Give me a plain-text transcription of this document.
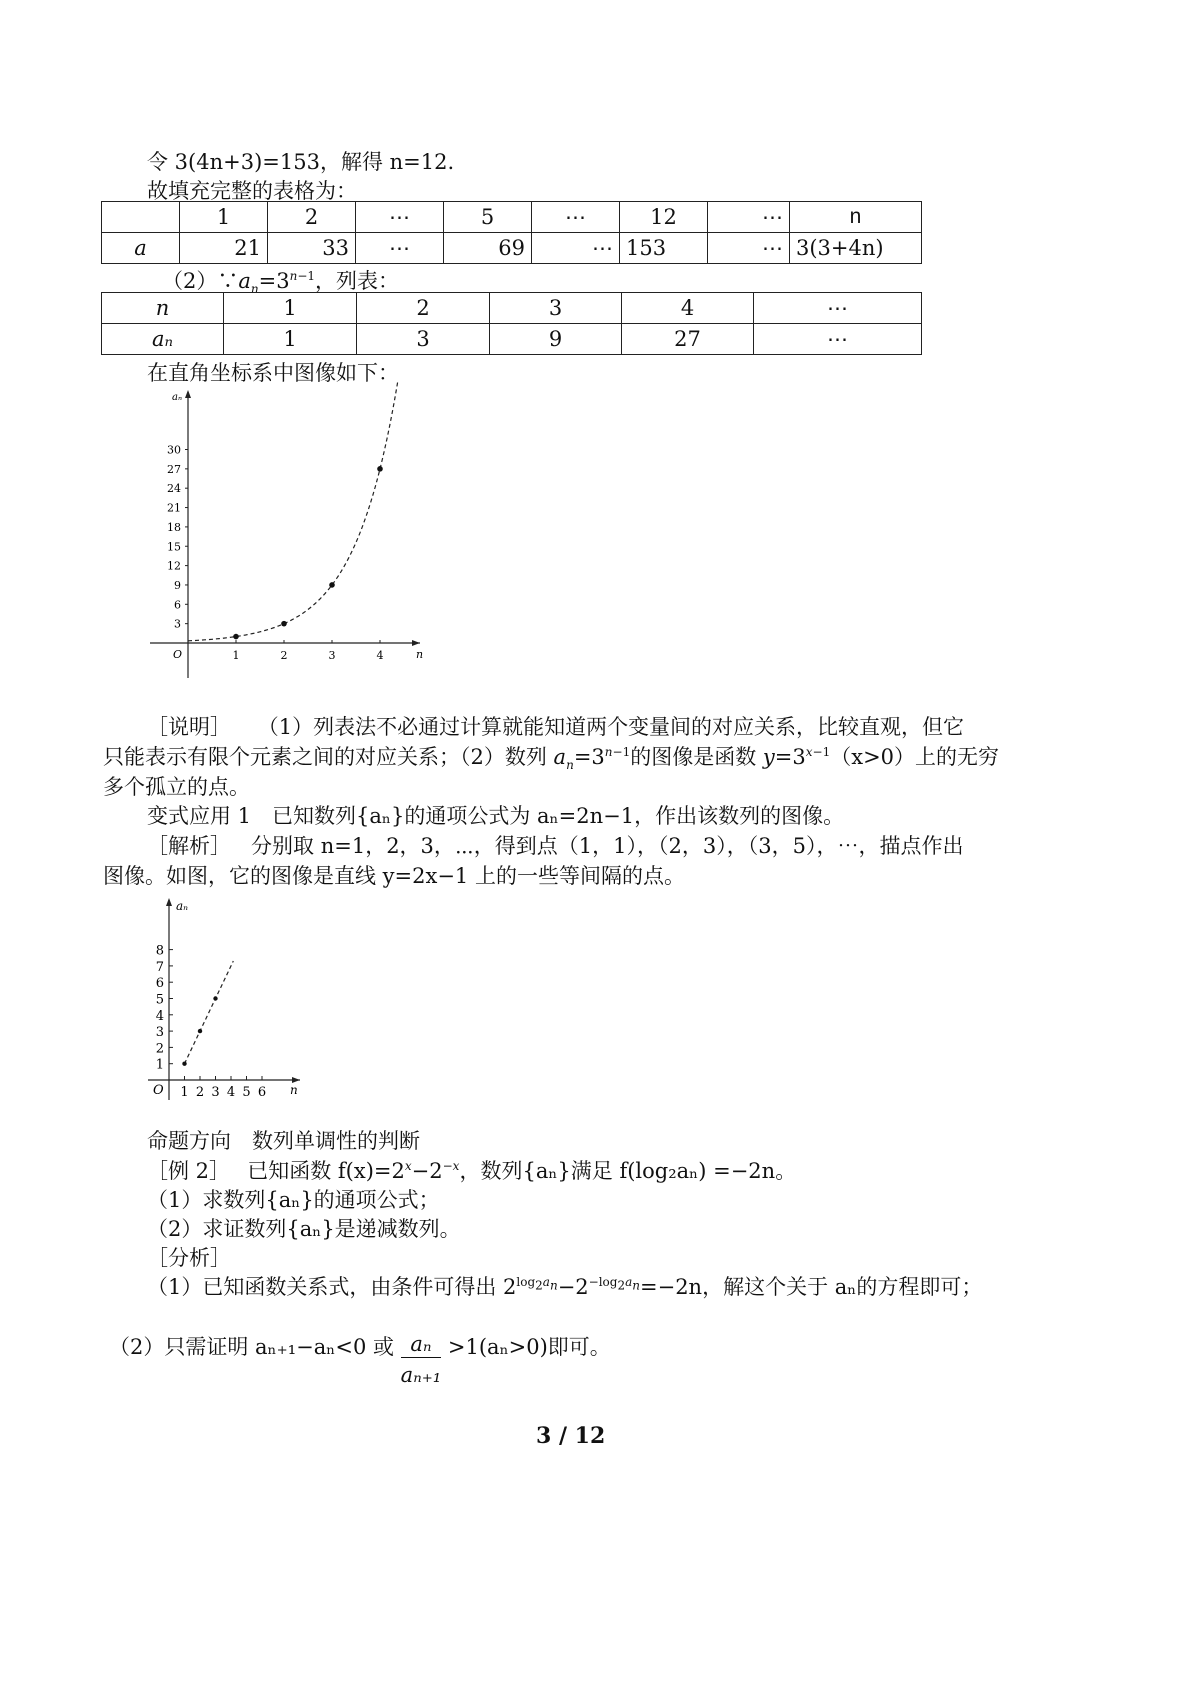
令 3(4n+3)=153，解得 n=12.
故填充完整的表格为：
	1	2	⋯	5	⋯	12	⋯	n
a	21	33	⋯	69	⋯	153	⋯	3(3+4n)
$(2)\because a_n=3^{n-1}$，列表：
n	1	2	3	4	⋯
aₙ	1	3	9	27	⋯
在直角坐标系中图像如下：
aₙ
n
O
3
6
9
12
15
18
21
24
27
30
1	2	3	4
［说明］ （1）列表法不必通过计算就能知道两个变量间的对应关系，比较直观，但它
只能表示有限个元素之间的对应关系；（2）数列 $a_n=3^{n-1}$的图像是函数 $y=3^{x-1}(x>0)$上的无穷
多个孤立的点。
变式应用 1　已知数列{aₙ}的通项公式为 aₙ=2n−1，作出该数列的图像。
［解析］ 分别取 n=1，2，3，⋯，得到点（1，1），（2，3），（3，5），⋯，描点作出
图像。如图，它的图像是直线 y=2x−1 上的一些等间隔的点。
aₙ
n
O
1
2
3
4
5
6
7
8
1 2 3 4 5 6
命题方向　数列单调性的判断
［例 2］　 已知函数 $f(x)=2^x-2^{-x}$，数列{aₙ}满足 f(log₂aₙ) =−2n。
（1）求数列{aₙ}的通项公式；
（2）求证数列{aₙ}是递减数列。
［分析］
（1）已知函数关系式，由条件可得出 $2^{log_2a_n}-2^{-log_2a_n}=-2n$，解这个关于 aₙ的方程即可；
（2）只需证明 aₙ₊₁−aₙ<0 或 $\frac{\text{aₙ}}{\text{aₙ₊₁}} >1(a_n>0)$即可。
3 / 12
